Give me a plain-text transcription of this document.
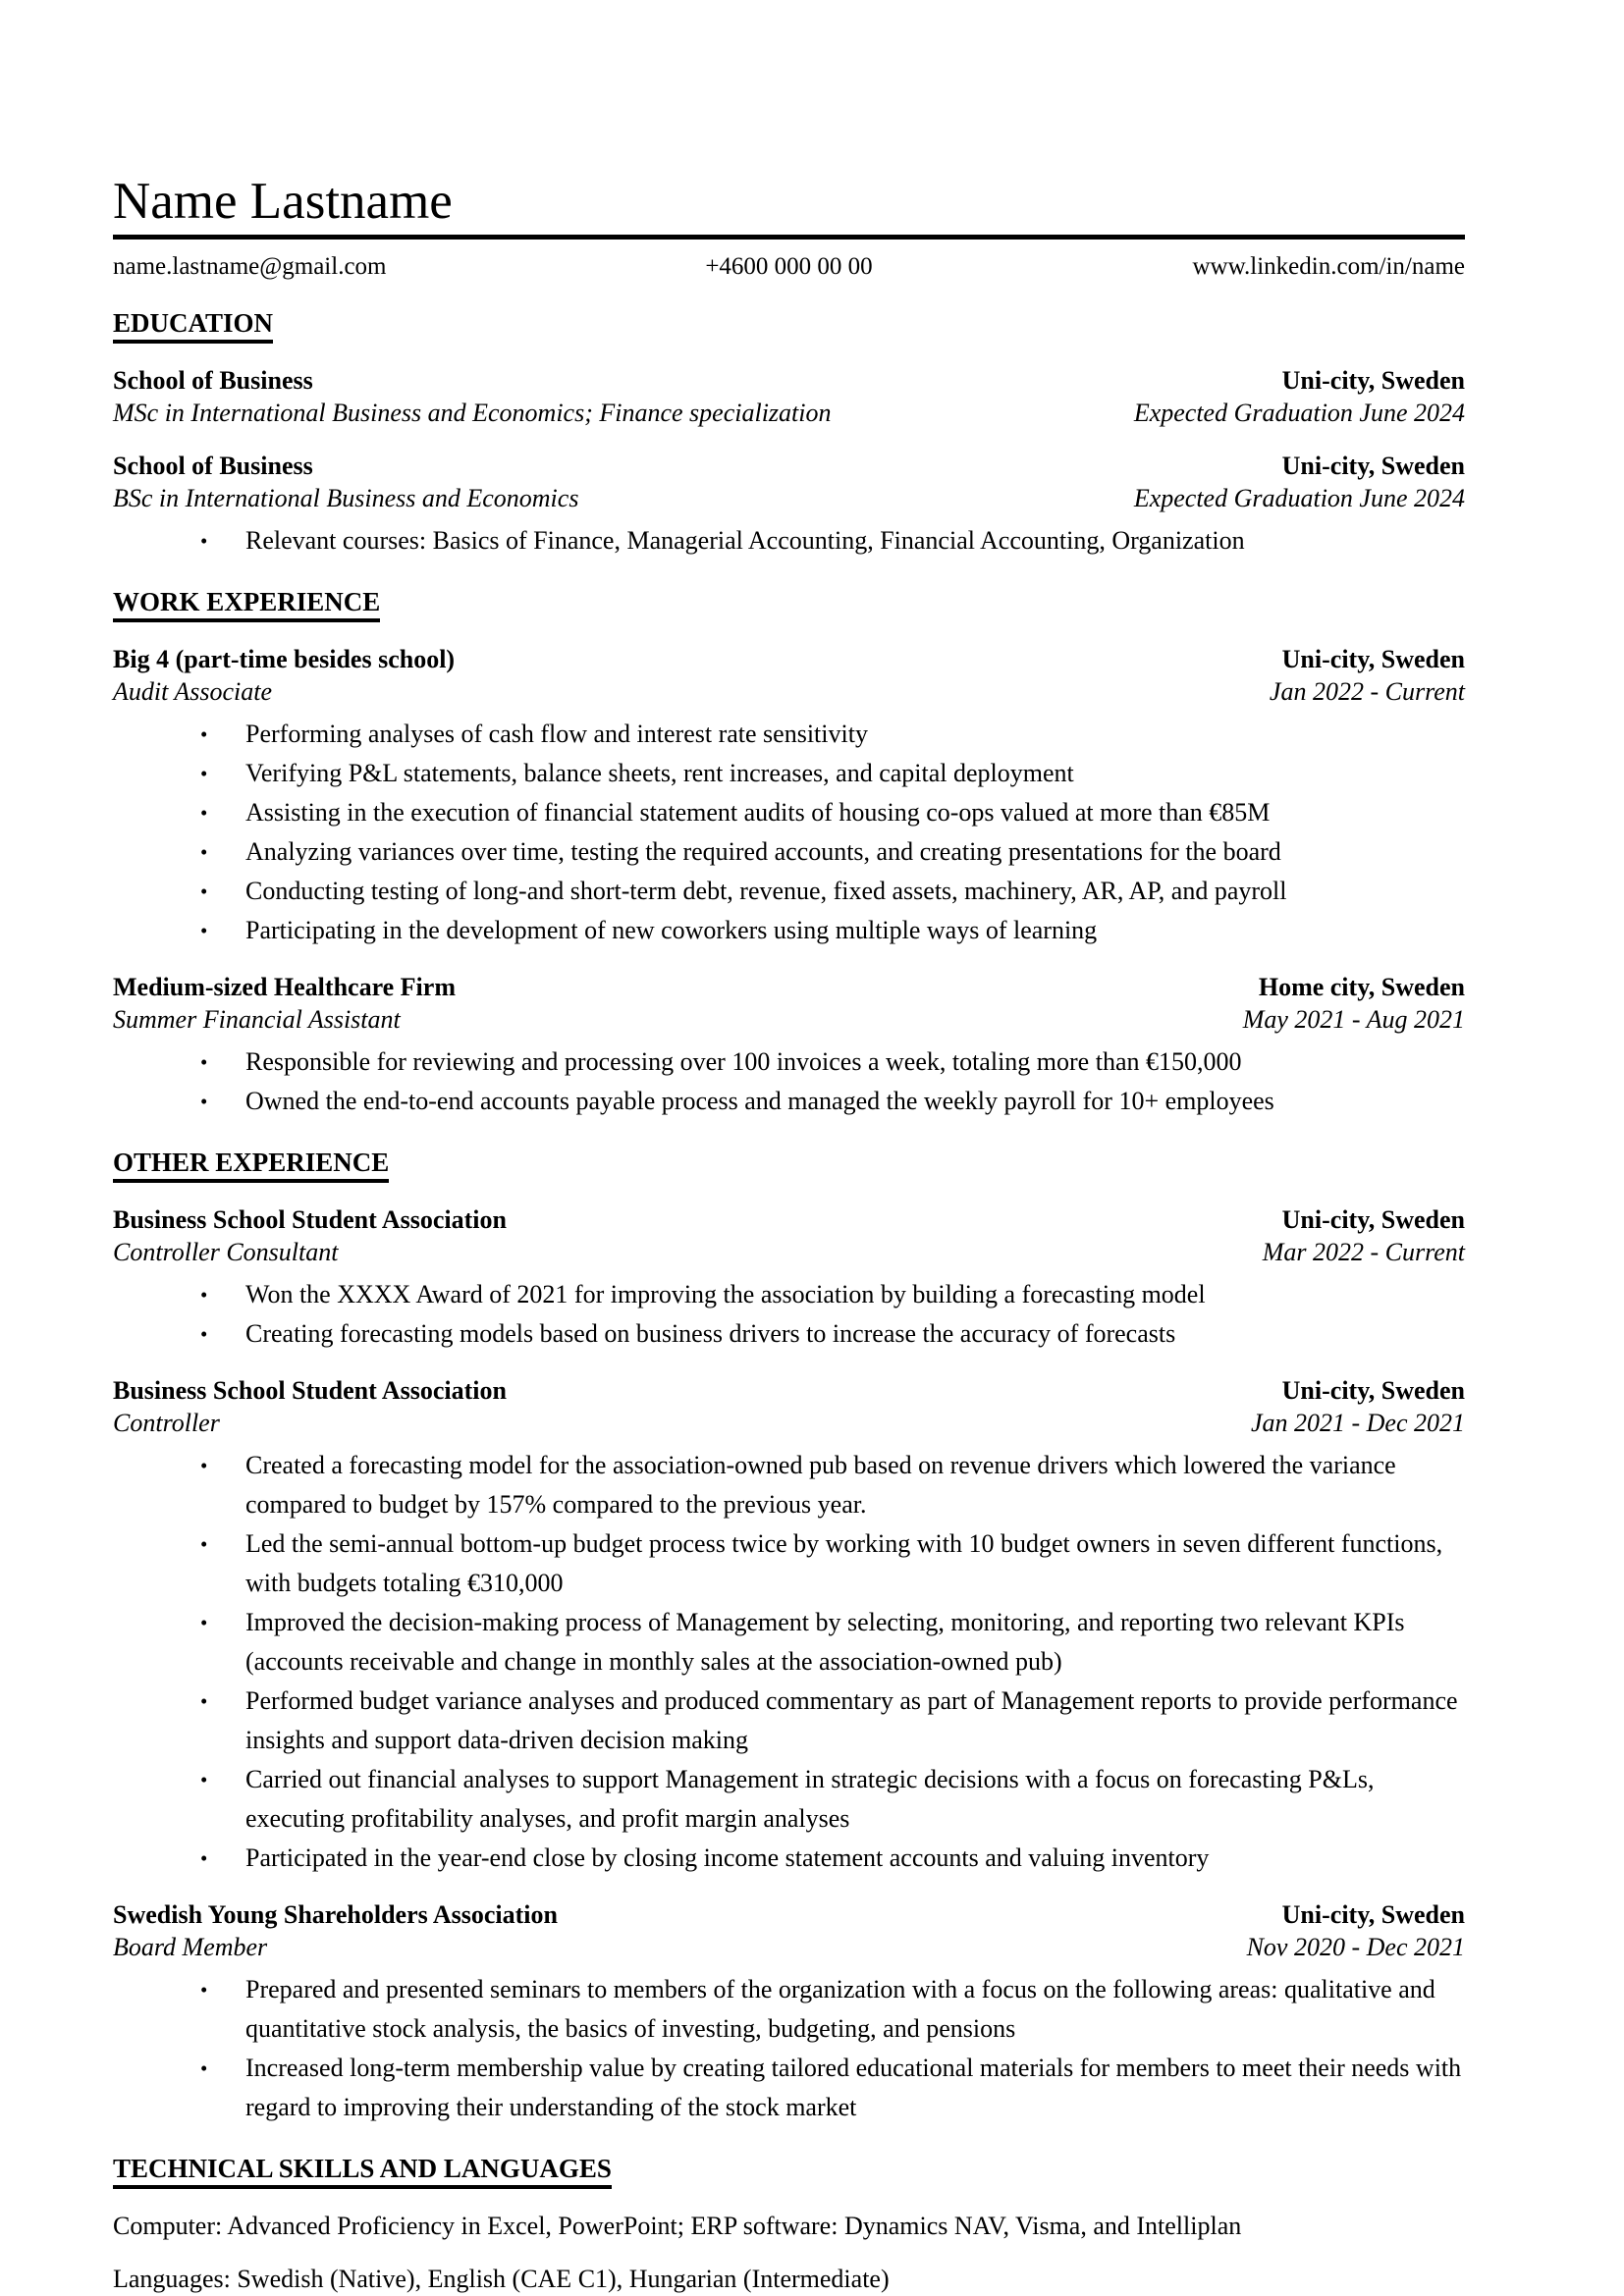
Name Lastname
name.lastname@gmail.com	+4600 000 00 00	www.linkedin.com/in/name
EDUCATION
School of Business	Uni-city, Sweden
MSc in International Business and Economics; Finance specialization	Expected Graduation June 2024
School of Business	Uni-city, Sweden
BSc in International Business and Economics	Expected Graduation June 2024
• Relevant courses: Basics of Finance, Managerial Accounting, Financial Accounting, Organization
WORK EXPERIENCE
Big 4 (part-time besides school)	Uni-city, Sweden
Audit Associate	Jan 2022 - Current
• Performing analyses of cash flow and interest rate sensitivity
• Verifying P&L statements, balance sheets, rent increases, and capital deployment
• Assisting in the execution of financial statement audits of housing co-ops valued at more than €85M
• Analyzing variances over time, testing the required accounts, and creating presentations for the board
• Conducting testing of long-and short-term debt, revenue, fixed assets, machinery, AR, AP, and payroll
• Participating in the development of new coworkers using multiple ways of learning
Medium-sized Healthcare Firm	Home city, Sweden
Summer Financial Assistant	May 2021 - Aug 2021
• Responsible for reviewing and processing over 100 invoices a week, totaling more than €150,000
• Owned the end-to-end accounts payable process and managed the weekly payroll for 10+ employees
OTHER EXPERIENCE
Business School Student Association	Uni-city, Sweden
Controller Consultant	Mar 2022 - Current
• Won the XXXX Award of 2021 for improving the association by building a forecasting model
• Creating forecasting models based on business drivers to increase the accuracy of forecasts
Business School Student Association	Uni-city, Sweden
Controller	Jan 2021 - Dec 2021
• Created a forecasting model for the association-owned pub based on revenue drivers which lowered the variance compared to budget by 157% compared to the previous year.
• Led the semi-annual bottom-up budget process twice by working with 10 budget owners in seven different functions, with budgets totaling €310,000
• Improved the decision-making process of Management by selecting, monitoring, and reporting two relevant KPIs (accounts receivable and change in monthly sales at the association-owned pub)
• Performed budget variance analyses and produced commentary as part of Management reports to provide performance insights and support data-driven decision making
• Carried out financial analyses to support Management in strategic decisions with a focus on forecasting P&Ls, executing profitability analyses, and profit margin analyses
• Participated in the year-end close by closing income statement accounts and valuing inventory
Swedish Young Shareholders Association	Uni-city, Sweden
Board Member	Nov 2020 - Dec 2021
• Prepared and presented seminars to members of the organization with a focus on the following areas: qualitative and quantitative stock analysis, the basics of investing, budgeting, and pensions
• Increased long-term membership value by creating tailored educational materials for members to meet their needs with regard to improving their understanding of the stock market
TECHNICAL SKILLS AND LANGUAGES

Computer: Advanced Proficiency in Excel, PowerPoint; ERP software: Dynamics NAV, Visma, and Intelliplan

Languages: Swedish (Native), English (CAE C1), Hungarian (Intermediate)
